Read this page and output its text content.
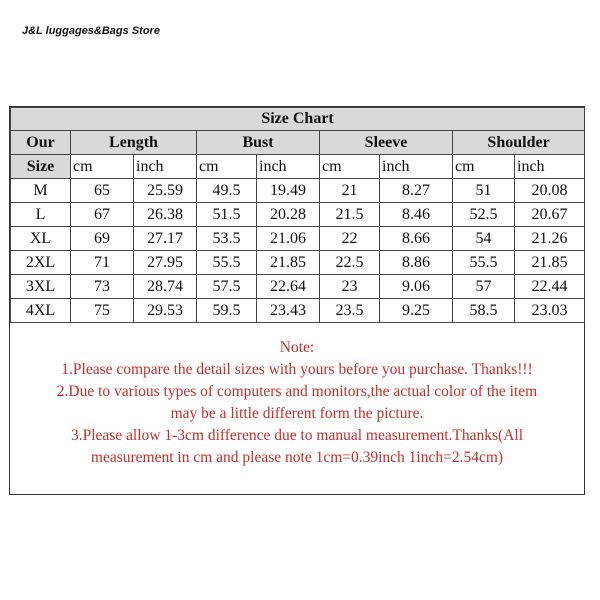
J&L luggages&Bags Store
Size Chart								
Our	Length		Bust		Sleeve		Shoulder	
Size	cm	inch	cm	inch	cm	inch	cm	inch
M	65	25.59	49.5	19.49	21	8.27	51	20.08
L	67	26.38	51.5	20.28	21.5	8.46	52.5	20.67
XL	69	27.17	53.5	21.06	22	8.66	54	21.26
2XL	71	27.95	55.5	21.85	22.5	8.86	55.5	21.85
3XL	73	28.74	57.5	22.64	23	9.06	57	22.44
4XL	75	29.53	59.5	23.43	23.5	9.25	58.5	23.03
Note:
1.Please compare the detail sizes with yours before you purchase. Thanks!!!
2.Due to various types of computers and monitors,the actual color of the item
may be a little different form the picture.
3.Please allow 1-3cm difference due to manual measurement.Thanks(All
measurement in cm and please note 1cm=0.39inch 1inch=2.54cm)
